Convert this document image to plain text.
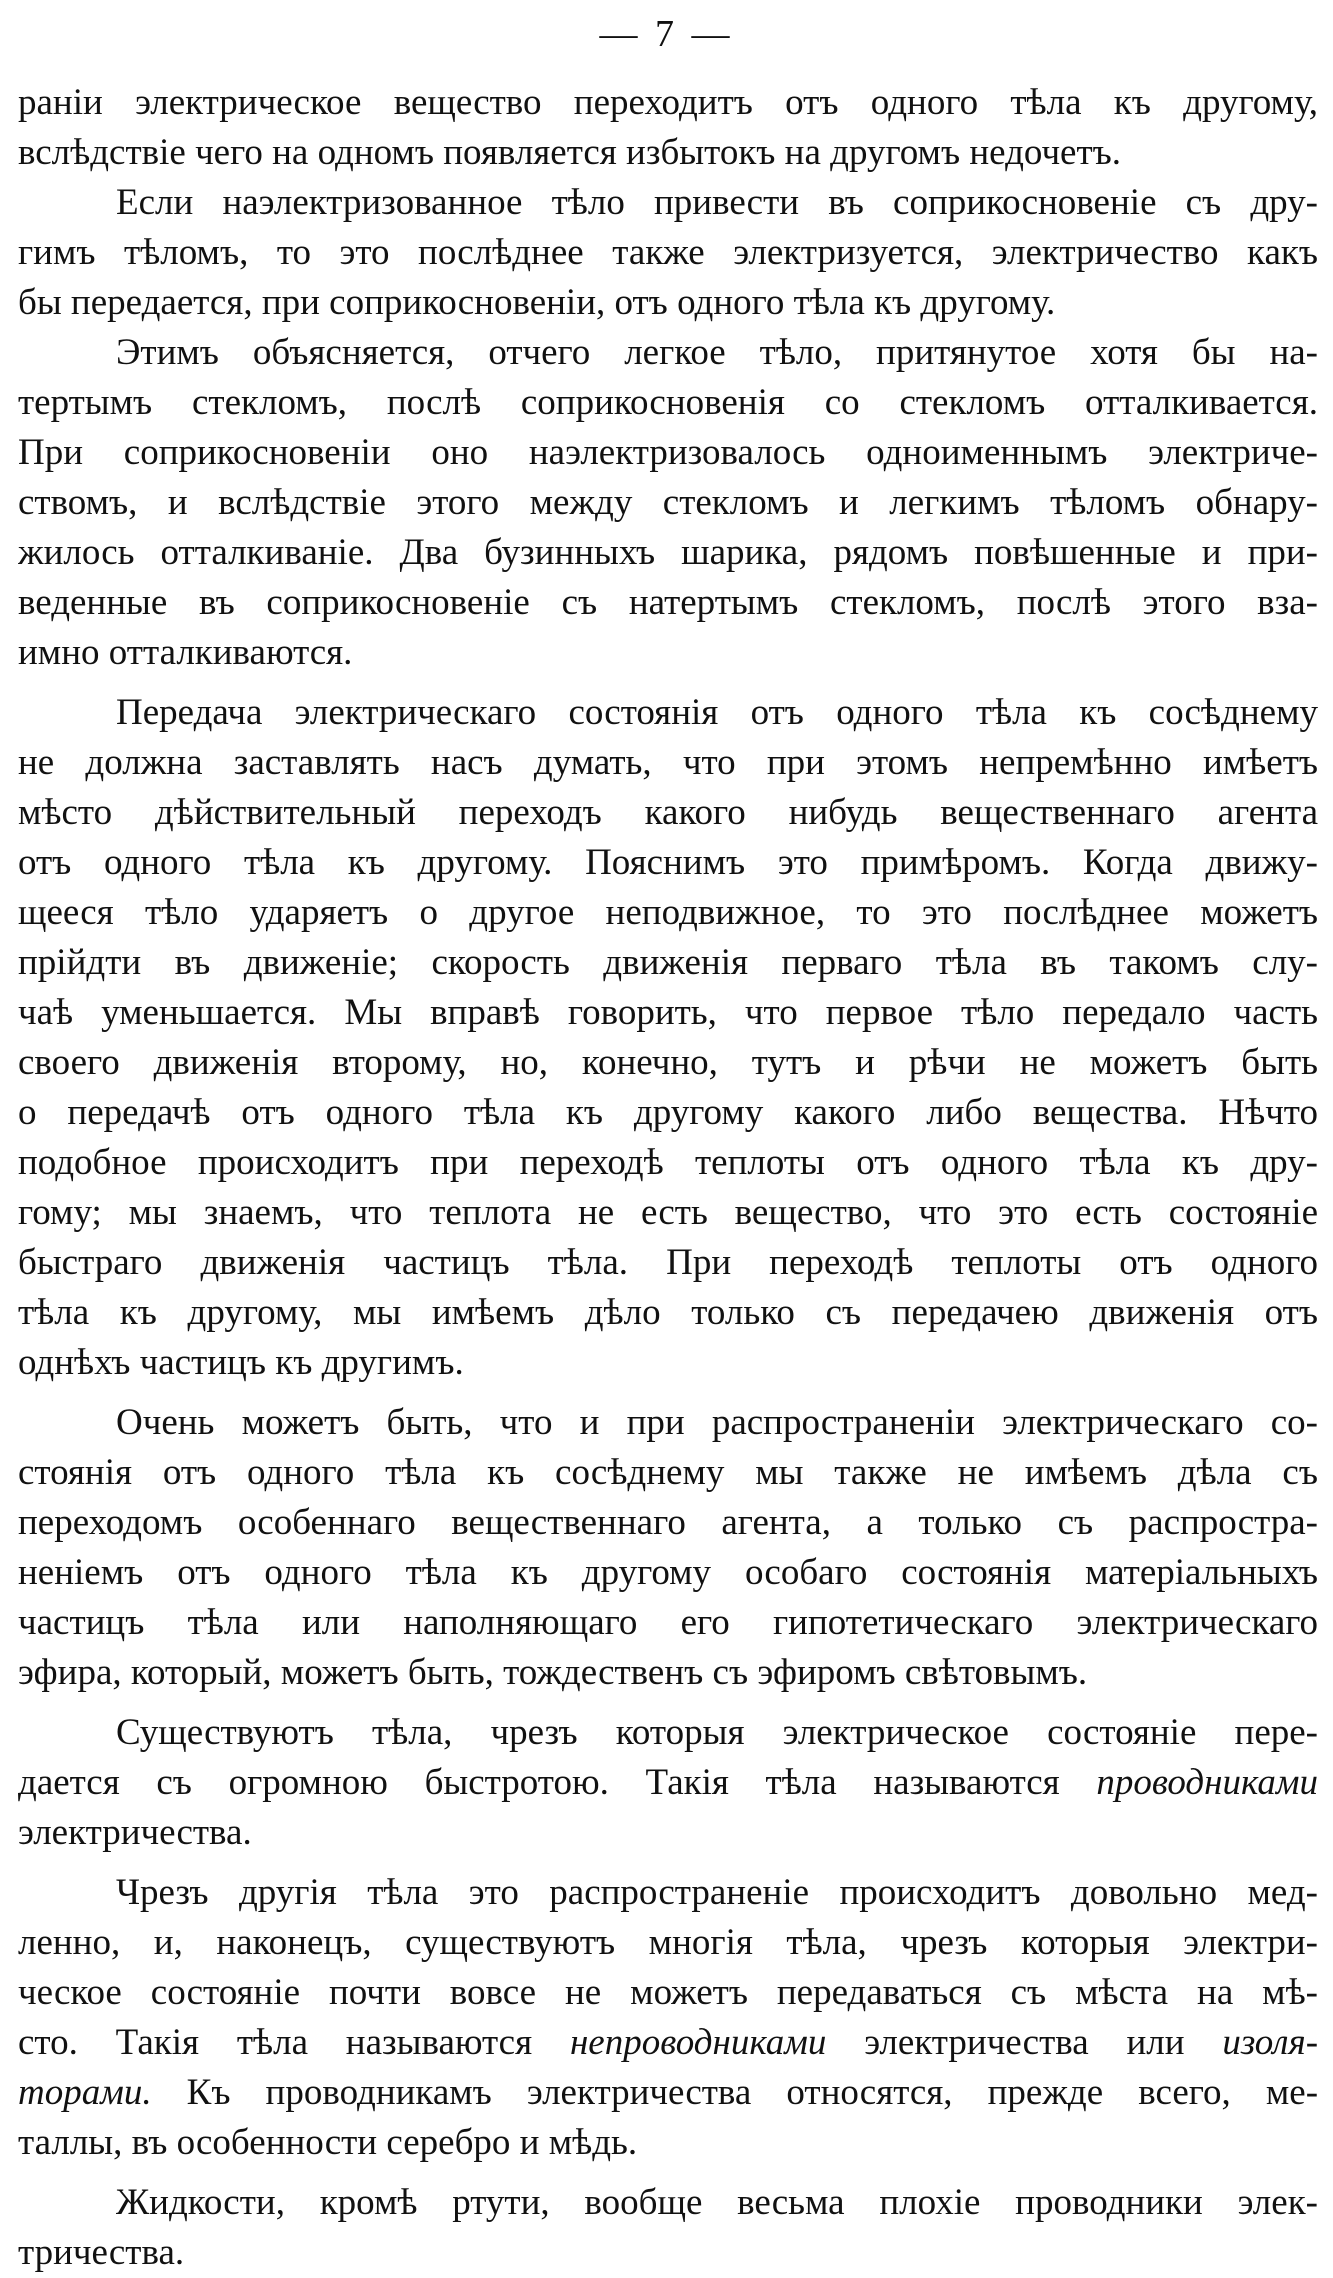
— 7 —
раніи электрическое вещество переходитъ отъ одного тѣла къ другому,
вслѣдствіе чего на одномъ появляется избытокъ на другомъ недочетъ.
Если наэлектризованное тѣло привести въ соприкосновеніе съ дру-
гимъ тѣломъ, то это послѣднее также электризуется, электричество какъ
бы передается, при соприкосновеніи, отъ одного тѣла къ другому.
Этимъ объясняется, отчего легкое тѣло, притянутое хотя бы на-
тертымъ стекломъ, послѣ соприкосновенія со стекломъ отталкивается.
При соприкосновеніи оно наэлектризовалось одноименнымъ электриче-
ствомъ, и вслѣдствіе этого между стекломъ и легкимъ тѣломъ обнару-
жилось отталкиваніе. Два бузинныхъ шарика, рядомъ повѣшенные и при-
веденные въ соприкосновеніе съ натертымъ стекломъ, послѣ этого вза-
имно отталкиваются.
Передача электрическаго состоянія отъ одного тѣла къ сосѣднему
не должна заставлять насъ думать, что при этомъ непремѣнно имѣетъ
мѣсто дѣйствительный переходъ какого нибудь вещественнаго агента
отъ одного тѣла къ другому. Пояснимъ это примѣромъ. Когда движу-
щееся тѣло ударяетъ о другое неподвижное, то это послѣднее можетъ
прійдти въ движеніе; скорость движенія перваго тѣла въ такомъ слу-
чаѣ уменьшается. Мы вправѣ говорить, что первое тѣло передало часть
своего движенія второму, но, конечно, тутъ и рѣчи не можетъ быть
о передачѣ отъ одного тѣла къ другому какого либо вещества. Нѣчто
подобное происходитъ при переходѣ теплоты отъ одного тѣла къ дру-
гому; мы знаемъ, что теплота не есть вещество, что это есть состояніе
быстраго движенія частицъ тѣла. При переходѣ теплоты отъ одного
тѣла къ другому, мы имѣемъ дѣло только съ передачею движенія отъ
однѣхъ частицъ къ другимъ.
Очень можетъ быть, что и при распространеніи электрическаго со-
стоянія отъ одного тѣла къ сосѣднему мы также не имѣемъ дѣла съ
переходомъ особеннаго вещественнаго агента, а только съ распростра-
неніемъ отъ одного тѣла къ другому особаго состоянія матеріальныхъ
частицъ тѣла или наполняющаго его гипотетическаго электрическаго
эфира, который, можетъ быть, тождественъ съ эфиромъ свѣтовымъ.
Существуютъ тѣла, чрезъ которыя электрическое состояніе пере-
дается съ огромною быстротою. Такія тѣла называются проводниками
электричества.
Чрезъ другія тѣла это распространеніе происходитъ довольно мед-
ленно, и, наконецъ, существуютъ многія тѣла, чрезъ которыя электри-
ческое состояніе почти вовсе не можетъ передаваться съ мѣста на мѣ-
сто. Такія тѣла называются непроводниками электричества или изоля-
торами. Къ проводникамъ электричества относятся, прежде всего, ме-
таллы, въ особенности серебро и мѣдь.
Жидкости, кромѣ ртути, вообще весьма плохіе проводники элек-
тричества.
